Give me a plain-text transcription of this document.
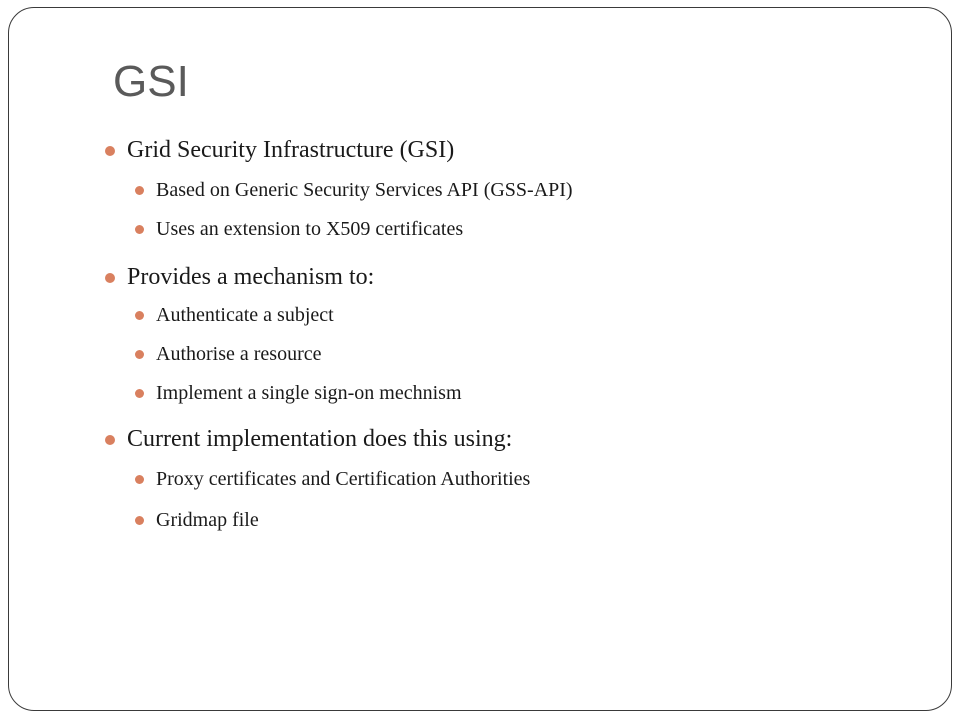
GSI
Grid Security Infrastructure (GSI)
Based on Generic Security Services API (GSS-API)
Uses an extension to X509 certificates
Provides a mechanism to:
Authenticate a subject
Authorise a resource
Implement a single sign-on mechnism
Current implementation does this using:
Proxy certificates and Certification Authorities
Gridmap file
